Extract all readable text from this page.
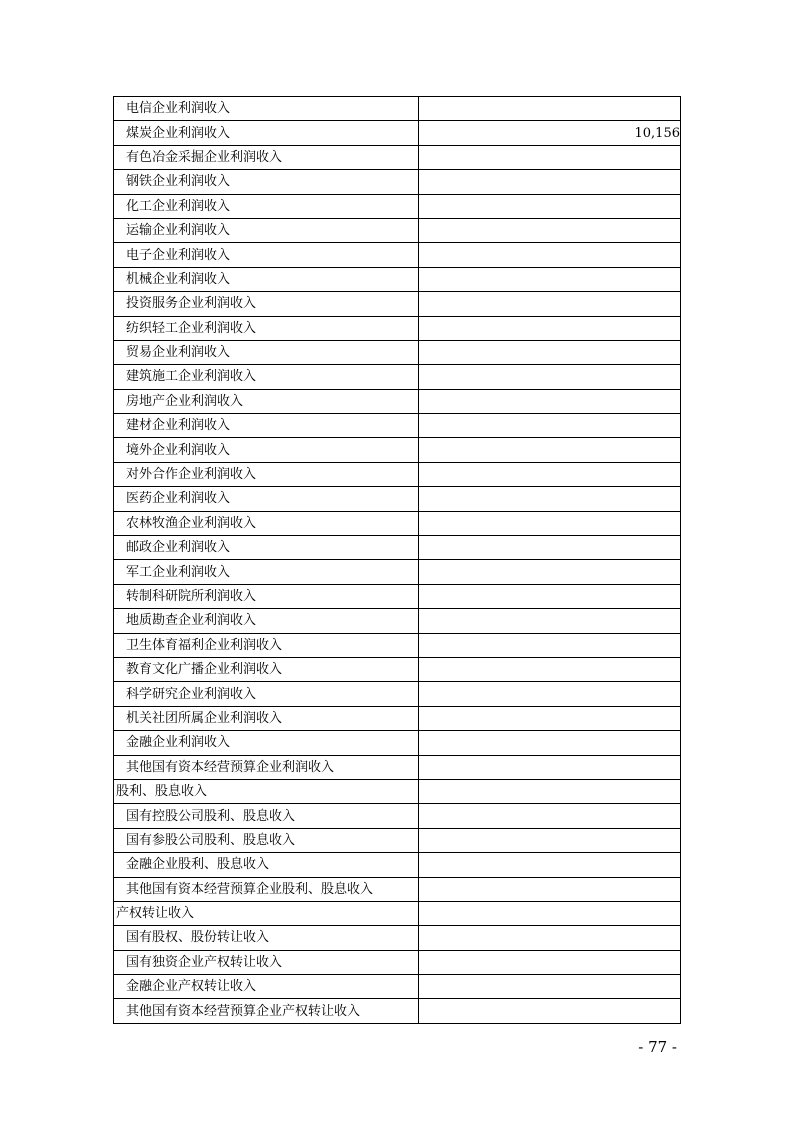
电信企业利润收入	
煤炭企业利润收入	10,156
有色冶金采掘企业利润收入	
钢铁企业利润收入	
化工企业利润收入	
运输企业利润收入	
电子企业利润收入	
机械企业利润收入	
投资服务企业利润收入	
纺织轻工企业利润收入	
贸易企业利润收入	
建筑施工企业利润收入	
房地产企业利润收入	
建材企业利润收入	
境外企业利润收入	
对外合作企业利润收入	
医药企业利润收入	
农林牧渔企业利润收入	
邮政企业利润收入	
军工企业利润收入	
转制科研院所利润收入	
地质勘查企业利润收入	
卫生体育福利企业利润收入	
教育文化广播企业利润收入	
科学研究企业利润收入	
机关社团所属企业利润收入	
金融企业利润收入	
其他国有资本经营预算企业利润收入	
股利、股息收入	
国有控股公司股利、股息收入	
国有参股公司股利、股息收入	
金融企业股利、股息收入	
其他国有资本经营预算企业股利、股息收入	
产权转让收入	
国有股权、股份转让收入	
国有独资企业产权转让收入	
金融企业产权转让收入	
其他国有资本经营预算企业产权转让收入	
- 77 -
